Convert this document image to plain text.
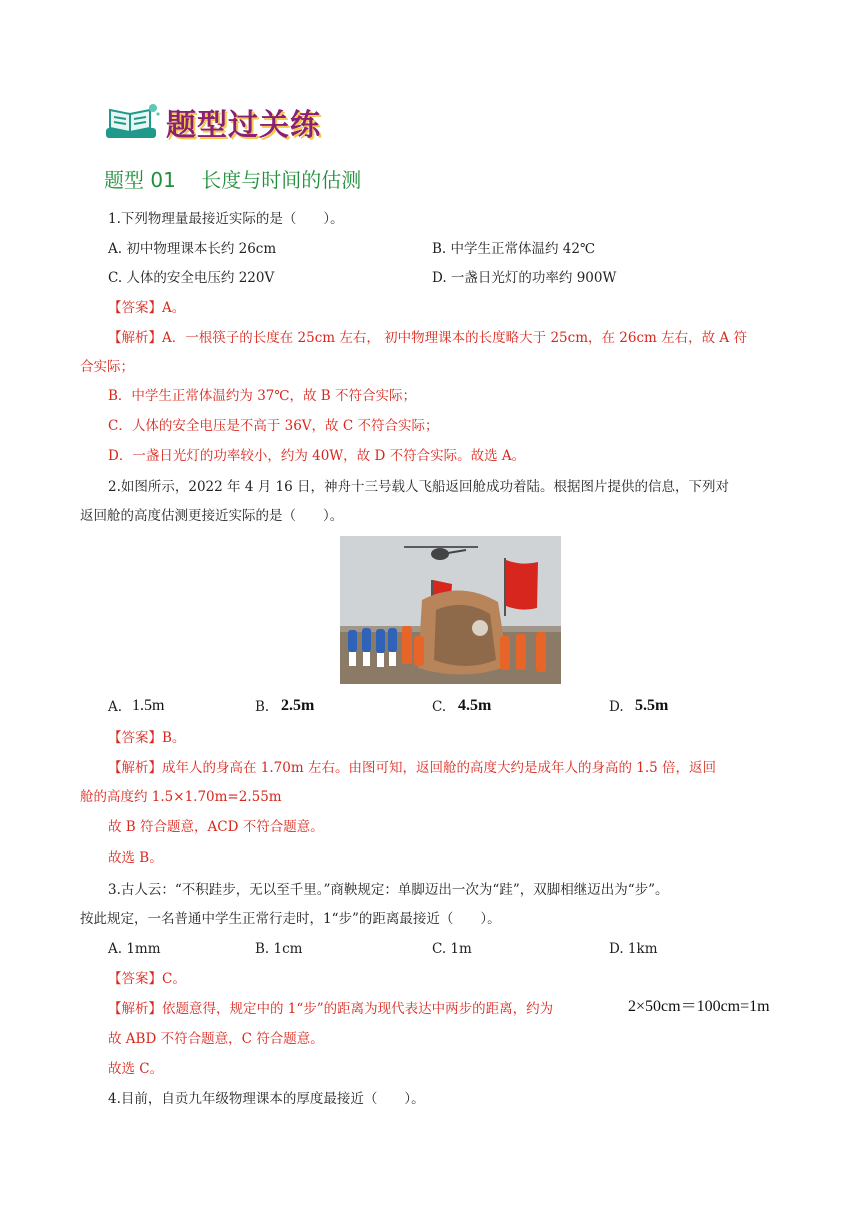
题型过关练
题型 01    长度与时间的估测
1.下列物理量最接近实际的是（　　）。
A. 初中物理课本长约 26cm	B. 中学生正常体温约 42℃
C. 人体的安全电压约 220V	D. 一盏日光灯的功率约 900W
【答案】A。
【解析】A．一根筷子的长度在 25cm 左右， 初中物理课本的长度略大于 25cm，在 26cm 左右，故 A 符
合实际；
B．中学生正常体温约为 37℃，故 B 不符合实际；
C．人体的安全电压是不高于 36V，故 C 不符合实际；
D．一盏日光灯的功率较小，约为 40W，故 D 不符合实际。故选 A。
2.如图所示，2022 年 4 月 16 日，神舟十三号载人飞船返回舱成功着陆。根据图片提供的信息，下列对
返回舱的高度估测更接近实际的是（　　）。
A. 1.5m	B. 2.5m	C. 4.5m	D. 5.5m
【答案】B。
【解析】成年人的身高在 1.70m 左右。由图可知，返回舱的高度大约是成年人的身高的 1.5 倍，返回
舱的高度约 1.5×1.70m=2.55m
故 B 符合题意，ACD 不符合题意。
故选 B。
3.古人云：“不积跬步，无以至千里。”商鞅规定：单脚迈出一次为“跬”，双脚相继迈出为“步”。
按此规定，一名普通中学生正常行走时，1“步”的距离最接近（　　）。
A. 1mm	B. 1cm	C. 1m	D. 1km
【答案】C。
【解析】依题意得，规定中的 1“步”的距离为现代表达中两步的距离，约为	2×50cm＝100cm=1m
故 ABD 不符合题意，C 符合题意。
故选 C。
4.目前，自贡九年级物理课本的厚度最接近（　　）。
